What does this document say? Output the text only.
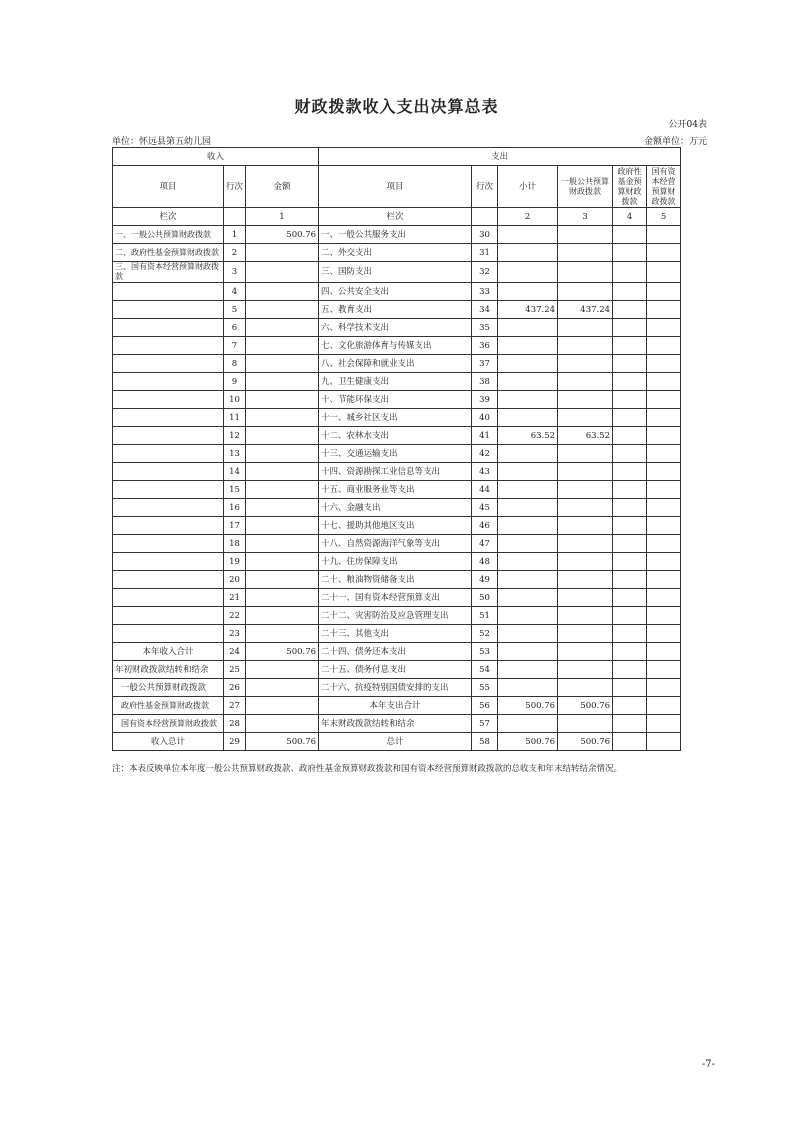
财政拨款收入支出决算总表
公开04表
单位：怀远县第五幼儿园	金额单位：万元
收入			支出					
项目	行次	金额	项目	行次	小计	一般公共预算财政拨款	政府性基金预算财政拨款	国有资本经营预算财政拨款
栏次		1	栏次		2	3	4	5
一、一般公共预算财政拨款	1	500.76	一、一般公共服务支出	30				
二、政府性基金预算财政拨款	2		二、外交支出	31				
三、国有资本经营预算财政拨款	3		三、国防支出	32				
	4		四、公共安全支出	33				
	5		五、教育支出	34	437.24	437.24		
	6		六、科学技术支出	35				
	7		七、文化旅游体育与传媒支出	36				
	8		八、社会保障和就业支出	37				
	9		九、卫生健康支出	38				
	10		十、节能环保支出	39				
	11		十一、城乡社区支出	40				
	12		十二、农林水支出	41	63.52	63.52		
	13		十三、交通运输支出	42				
	14		十四、资源勘探工业信息等支出	43				
	15		十五、商业服务业等支出	44				
	16		十六、金融支出	45				
	17		十七、援助其他地区支出	46				
	18		十八、自然资源海洋气象等支出	47				
	19		十九、住房保障支出	48				
	20		二十、粮油物资储备支出	49				
	21		二十一、国有资本经营预算支出	50				
	22		二十二、灾害防治及应急管理支出	51				
	23		二十三、其他支出	52				
本年收入合计	24	500.76	二十四、债务还本支出	53				
年初财政拨款结转和结余	25		二十五、债务付息支出	54				
一般公共预算财政拨款	26		二十六、抗疫特别国债安排的支出	55				
政府性基金预算财政拨款	27		本年支出合计	56	500.76	500.76		
国有资本经营预算财政拨款	28		年末财政拨款结转和结余	57				
收入总计	29	500.76	总计	58	500.76	500.76		
注：本表反映单位本年度一般公共预算财政拨款、政府性基金预算财政拨款和国有资本经营预算财政拨款的总收支和年末结转结余情况。
-7-
